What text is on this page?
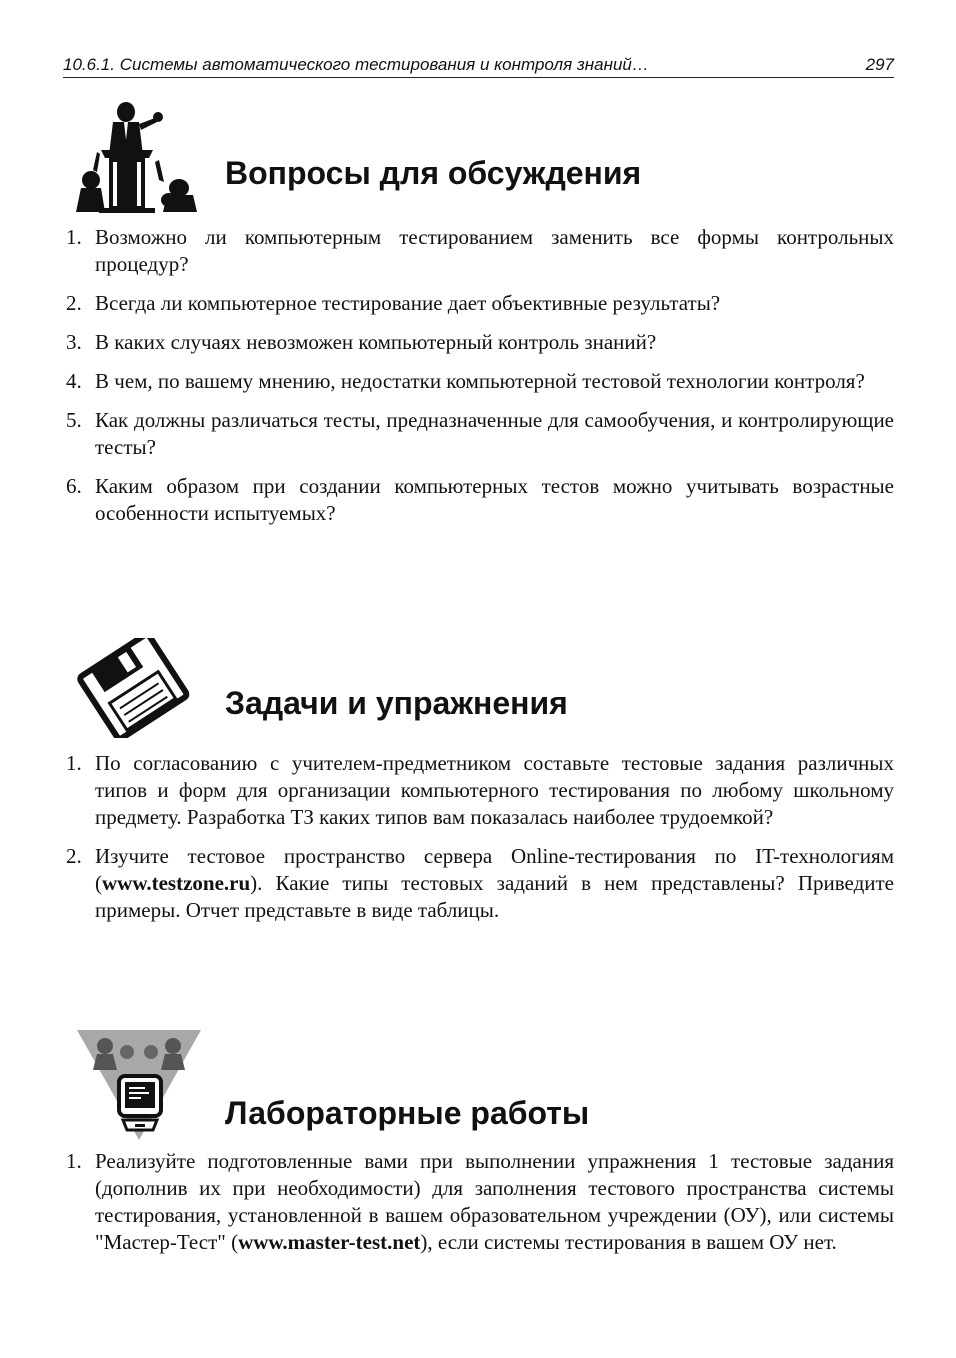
10.6.1. Системы автоматического тестирования и контроля знаний…	297
Вопросы для обсуждения
1. Возможно ли компьютерным тестированием заменить все формы контрольных процедур?
2. Всегда ли компьютерное тестирование дает объективные результаты?
3. В каких случаях невозможен компьютерный контроль знаний?
4. В чем, по вашему мнению, недостатки компьютерной тестовой технологии контроля?
5. Как должны различаться тесты, предназначенные для самообучения, и контролирующие тесты?
6. Каким образом при создании компьютерных тестов можно учитывать возрастные особенности испытуемых?
Задачи и упражнения
1. По согласованию с учителем-предметником составьте тестовые задания различных типов и форм для организации компьютерного тестирования по любому школьному предмету. Разработка ТЗ каких типов вам показалась наиболее трудоемкой?
2. Изучите тестовое пространство сервера Online-тестирования по IT-технологиям (www.testzone.ru). Какие типы тестовых заданий в нем представлены? Приведите примеры. Отчет представьте в виде таблицы.
Лабораторные работы
1. Реализуйте подготовленные вами при выполнении упражнения 1 тестовые задания (дополнив их при необходимости) для заполнения тестового пространства системы тестирования, установленной в вашем образовательном учреждении (ОУ), или системы "Мастер-Тест" (www.master-test.net), если системы тестирования в вашем ОУ нет.
